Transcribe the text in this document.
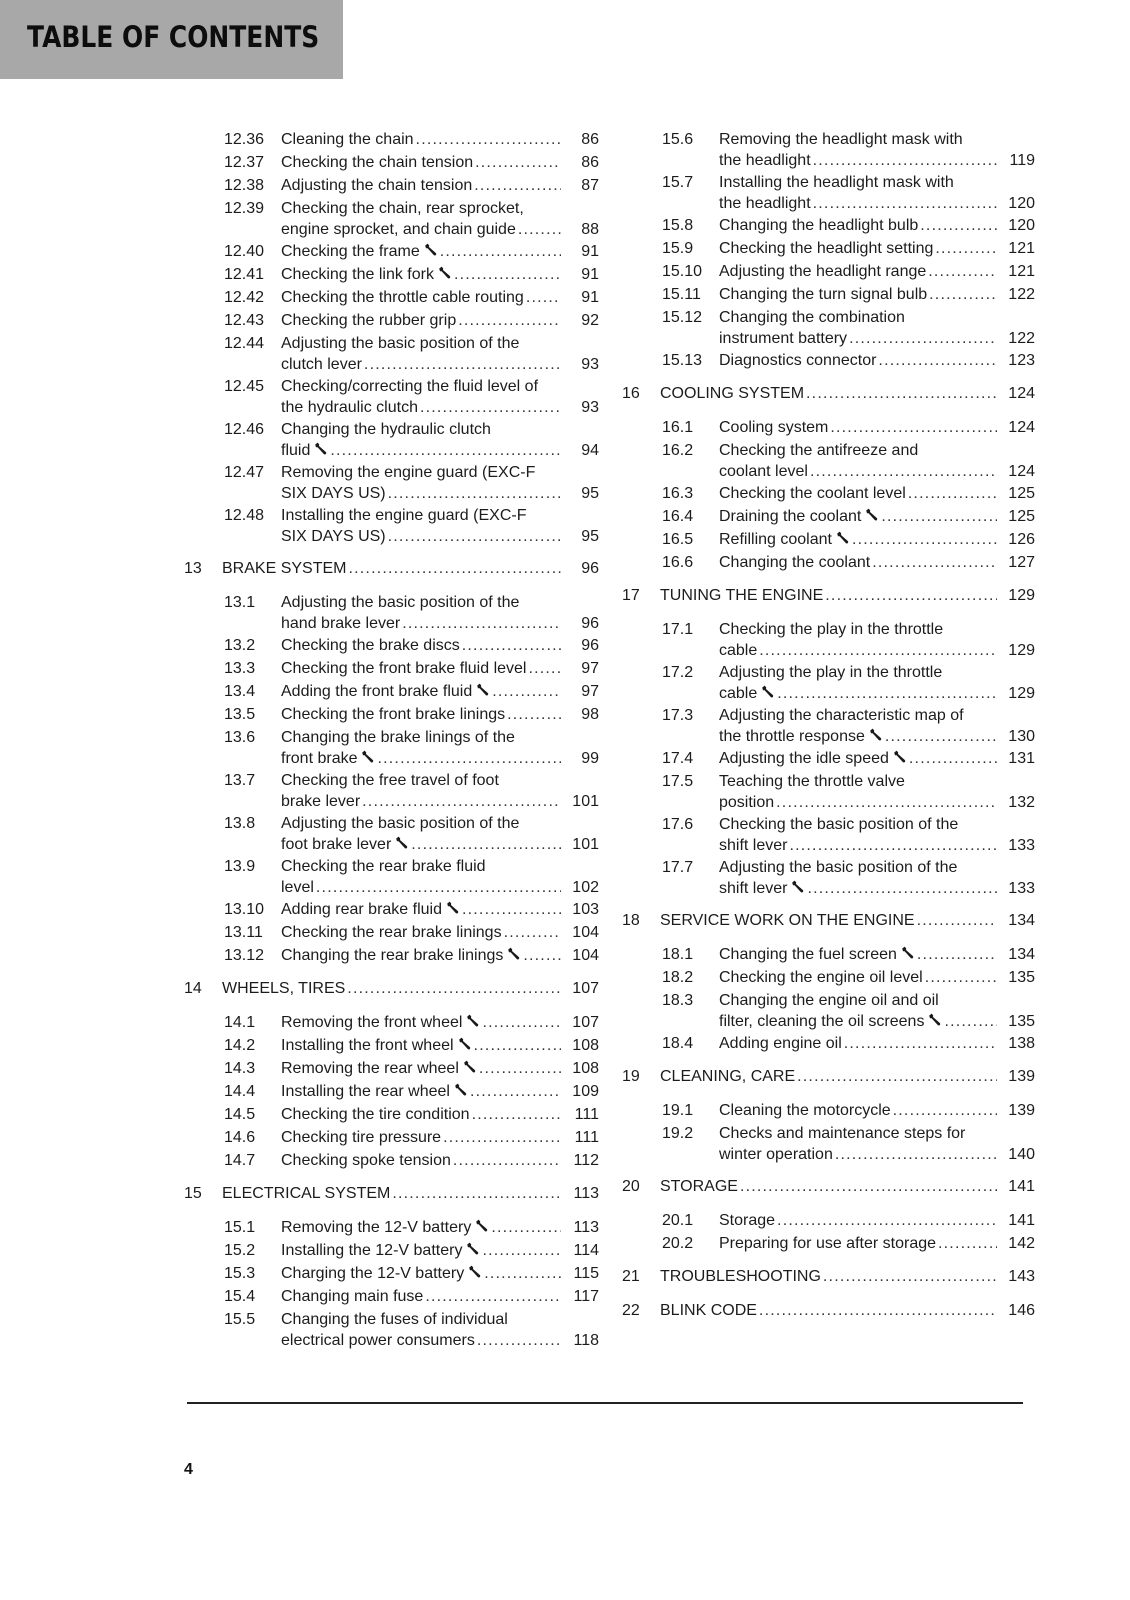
TABLE OF CONTENTS
12.36 Cleaning the chain .....	86
12.37 Checking the chain tension .....	86
12.38 Adjusting the chain tension .....	87
12.39 Checking the chain, rear sprocket,
engine sprocket, and chain guide .....	88
12.40 Checking the frame .....	91
12.41 Checking the link fork .....	91
12.42 Checking the throttle cable routing .....	91
12.43 Checking the rubber grip .....	92
12.44 Adjusting the basic position of the
clutch lever .....	93
12.45 Checking/correcting the fluid level of
the hydraulic clutch .....	93
12.46 Changing the hydraulic clutch
fluid .....	94
12.47 Removing the engine guard (EXC-F
SIX DAYS US) .....	95
12.48 Installing the engine guard (EXC-F
SIX DAYS US) .....	95
13 BRAKE SYSTEM .....	96
13.1 Adjusting the basic position of the
hand brake lever .....	96
13.2 Checking the brake discs .....	96
13.3 Checking the front brake fluid level .....	97
13.4 Adding the front brake fluid .....	97
13.5 Checking the front brake linings .....	98
13.6 Changing the brake linings of the
front brake .....	99
13.7 Checking the free travel of foot
brake lever .....	101
13.8 Adjusting the basic position of the
foot brake lever .....	101
13.9 Checking the rear brake fluid
level .....	102
13.10 Adding rear brake fluid .....	103
13.11 Checking the rear brake linings .....	104
13.12 Changing the rear brake linings .....	104
14 WHEELS, TIRES .....	107
14.1 Removing the front wheel .....	107
14.2 Installing the front wheel .....	108
14.3 Removing the rear wheel .....	108
14.4 Installing the rear wheel .....	109
14.5 Checking the tire condition .....	111
14.6 Checking tire pressure .....	111
14.7 Checking spoke tension .....	112
15 ELECTRICAL SYSTEM .....	113
15.1 Removing the 12-V battery .....	113
15.2 Installing the 12-V battery .....	114
15.3 Charging the 12-V battery .....	115
15.4 Changing main fuse .....	117
15.5 Changing the fuses of individual
electrical power consumers .....	118
15.6 Removing the headlight mask with
the headlight .....	119
15.7 Installing the headlight mask with
the headlight .....	120
15.8 Changing the headlight bulb .....	120
15.9 Checking the headlight setting .....	121
15.10 Adjusting the headlight range .....	121
15.11 Changing the turn signal bulb .....	122
15.12 Changing the combination
instrument battery .....	122
15.13 Diagnostics connector .....	123
16 COOLING SYSTEM .....	124
16.1 Cooling system .....	124
16.2 Checking the antifreeze and
coolant level .....	124
16.3 Checking the coolant level .....	125
16.4 Draining the coolant .....	125
16.5 Refilling coolant .....	126
16.6 Changing the coolant .....	127
17 TUNING THE ENGINE .....	129
17.1 Checking the play in the throttle
cable .....	129
17.2 Adjusting the play in the throttle
cable .....	129
17.3 Adjusting the characteristic map of
the throttle response .....	130
17.4 Adjusting the idle speed .....	131
17.5 Teaching the throttle valve
position .....	132
17.6 Checking the basic position of the
shift lever .....	133
17.7 Adjusting the basic position of the
shift lever .....	133
18 SERVICE WORK ON THE ENGINE .....	134
18.1 Changing the fuel screen .....	134
18.2 Checking the engine oil level .....	135
18.3 Changing the engine oil and oil
filter, cleaning the oil screens .....	135
18.4 Adding engine oil .....	138
19 CLEANING, CARE .....	139
19.1 Cleaning the motorcycle .....	139
19.2 Checks and maintenance steps for
winter operation .....	140
20 STORAGE .....	141
20.1 Storage .....	141
20.2 Preparing for use after storage .....	142
21 TROUBLESHOOTING .....	143
22 BLINK CODE .....	146
4
